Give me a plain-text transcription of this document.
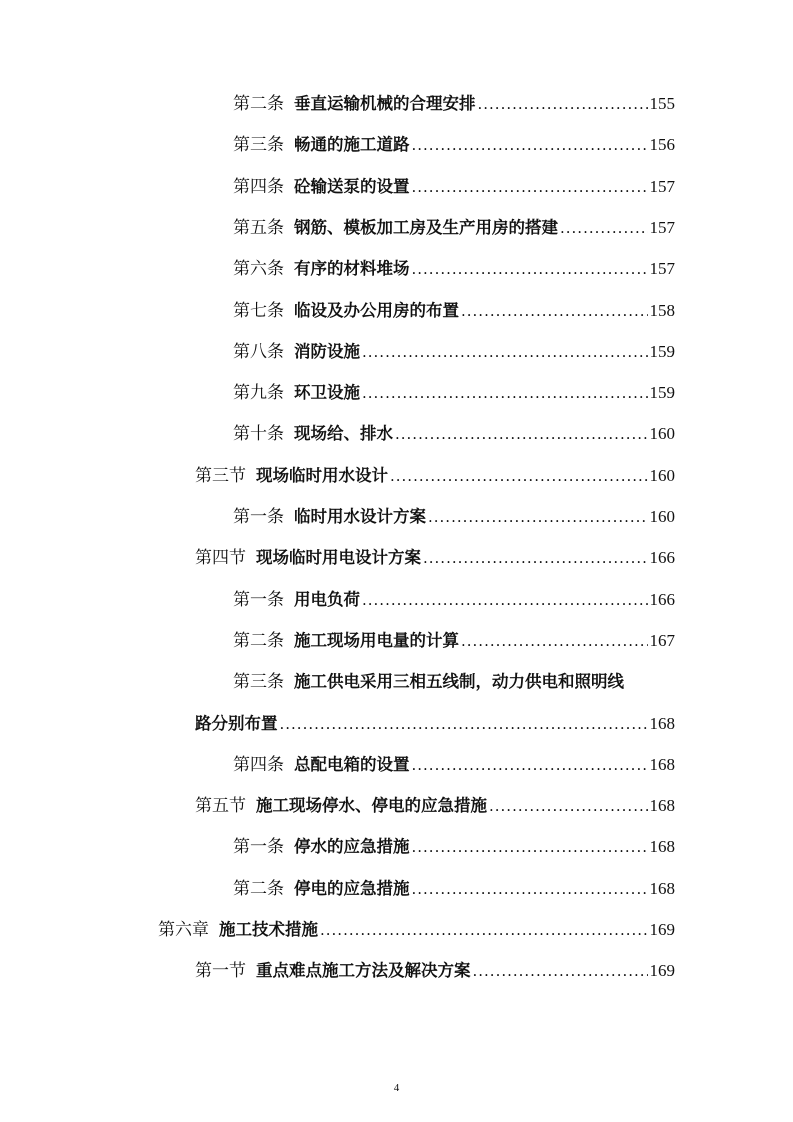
第二条 垂直运输机械的合理安排 .....	155
第三条 畅通的施工道路 .....	156
第四条 砼输送泵的设置 .....	157
第五条 钢筋、模板加工房及生产用房的搭建 .....	157
第六条 有序的材料堆场 .....	157
第七条 临设及办公用房的布置 .....	158
第八条 消防设施 .....	159
第九条 环卫设施 .....	159
第十条 现场给、排水 .....	160
第三节 现场临时用水设计 .....	160
第一条 临时用水设计方案 .....	160
第四节 现场临时用电设计方案 .....	166
第一条 用电负荷 .....	166
第二条 施工现场用电量的计算 .....	167
第三条 施工供电采用三相五线制，动力供电和照明线
路分别布置 .....	168
第四条 总配电箱的设置 .....	168
第五节 施工现场停水、停电的应急措施 .....	168
第一条 停水的应急措施 .....	168
第二条 停电的应急措施 .....	168
第六章 施工技术措施 .....	169
第一节 重点难点施工方法及解决方案 .....	169
4
